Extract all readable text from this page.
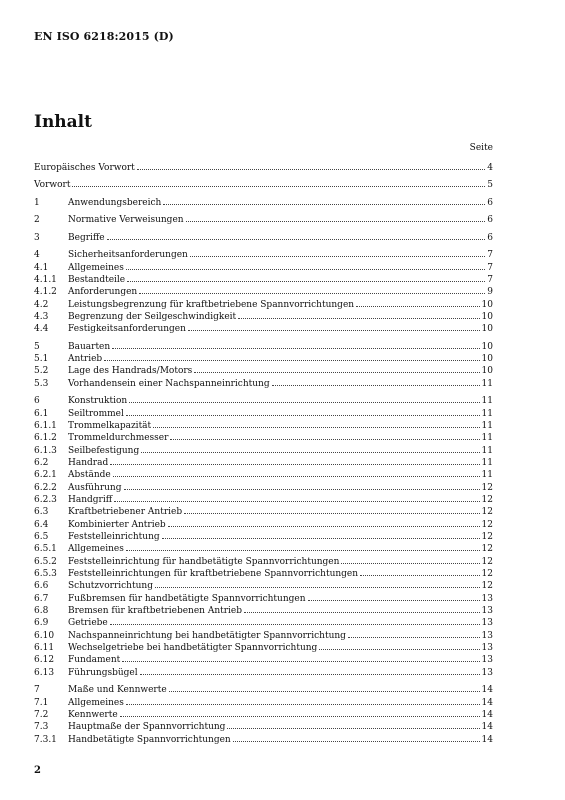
EN ISO 6218:2015 (D)
Inhalt
Seite
Europäisches Vorwort	4
Vorwort	5
1	Anwendungsbereich	6
2	Normative Verweisungen	6
3	Begriffe	6
4	Sicherheitsanforderungen	7
4.1	Allgemeines	7
4.1.1	Bestandteile	7
4.1.2	Anforderungen	9
4.2	Leistungsbegrenzung für kraftbetriebene Spannvorrichtungen	10
4.3	Begrenzung der Seilgeschwindigkeit	10
4.4	Festigkeitsanforderungen	10
5	Bauarten	10
5.1	Antrieb	10
5.2	Lage des Handrads/Motors	10
5.3	Vorhandensein einer Nachspanneinrichtung	11
6	Konstruktion	11
6.1	Seiltrommel	11
6.1.1	Trommelkapazität	11
6.1.2	Trommeldurchmesser	11
6.1.3	Seilbefestigung	11
6.2	Handrad	11
6.2.1	Abstände	11
6.2.2	Ausführung	12
6.2.3	Handgriff	12
6.3	Kraftbetriebener Antrieb	12
6.4	Kombinierter Antrieb	12
6.5	Feststelleinrichtung	12
6.5.1	Allgemeines	12
6.5.2	Feststelleinrichtung für handbetätigte Spannvorrichtungen	12
6.5.3	Feststelleinrichtungen für kraftbetriebene Spannvorrichtungen	12
6.6	Schutzvorrichtung	12
6.7	Fußbremsen für handbetätigte Spannvorrichtungen	13
6.8	Bremsen für kraftbetriebenen Antrieb	13
6.9	Getriebe	13
6.10	Nachspanneinrichtung bei handbetätigter Spannvorrichtung	13
6.11	Wechselgetriebe bei handbetätigter Spannvorrichtung	13
6.12	Fundament	13
6.13	Führungsbügel	13
7	Maße und Kennwerte	14
7.1	Allgemeines	14
7.2	Kennwerte	14
7.3	Hauptmaße der Spannvorrichtung	14
7.3.1	Handbetätigte Spannvorrichtungen	14
2
